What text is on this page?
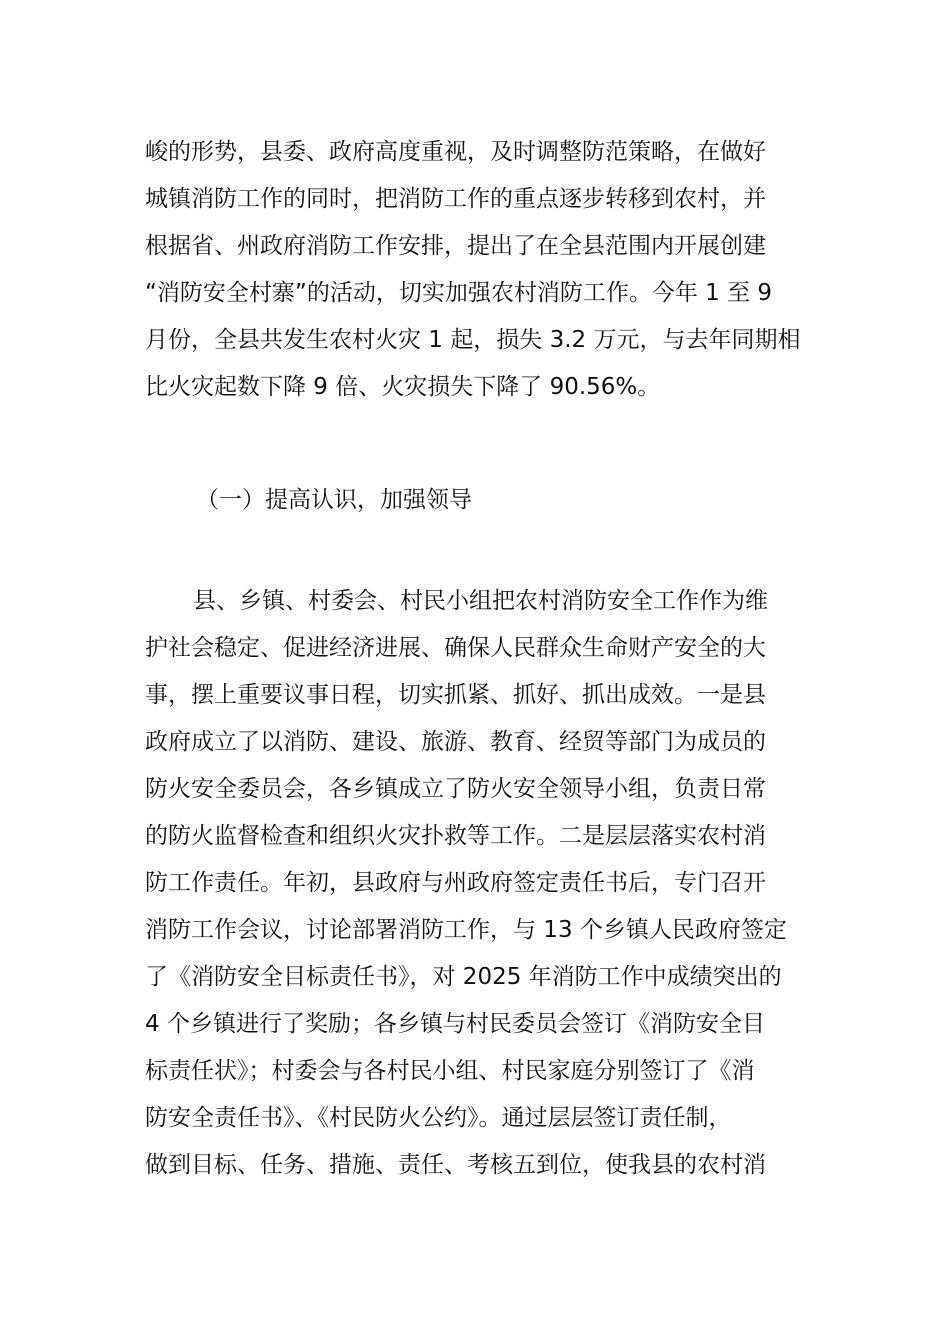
峻的形势，县委、政府高度重视，及时调整防范策略，在做好
城镇消防工作的同时，把消防工作的重点逐步转移到农村，并
根据省、州政府消防工作安排，提出了在全县范围内开展创建
“消防安全村寨”的活动，切实加强农村消防工作。今年 1 至 9
月份，全县共发生农村火灾 1 起，损失 3.2 万元，与去年同期相
比火灾起数下降 9 倍、火灾损失下降了 90.56%。

（一）提高认识，加强领导

县、乡镇、村委会、村民小组把农村消防安全工作作为维
护社会稳定、促进经济进展、确保人民群众生命财产安全的大
事，摆上重要议事日程，切实抓紧、抓好、抓出成效。一是县
政府成立了以消防、建设、旅游、教育、经贸等部门为成员的
防火安全委员会，各乡镇成立了防火安全领导小组，负责日常
的防火监督检查和组织火灾扑救等工作。二是层层落实农村消
防工作责任。年初，县政府与州政府签定责任书后，专门召开
消防工作会议，讨论部署消防工作，与 13 个乡镇人民政府签定
了《消防安全目标责任书》，对 2025 年消防工作中成绩突出的
4 个乡镇进行了奖励；各乡镇与村民委员会签订《消防安全目
标责任状》；村委会与各村民小组、村民家庭分别签订了《消
防安全责任书》、《村民防火公约》。通过层层签订责任制，
做到目标、任务、措施、责任、考核五到位，使我县的农村消
